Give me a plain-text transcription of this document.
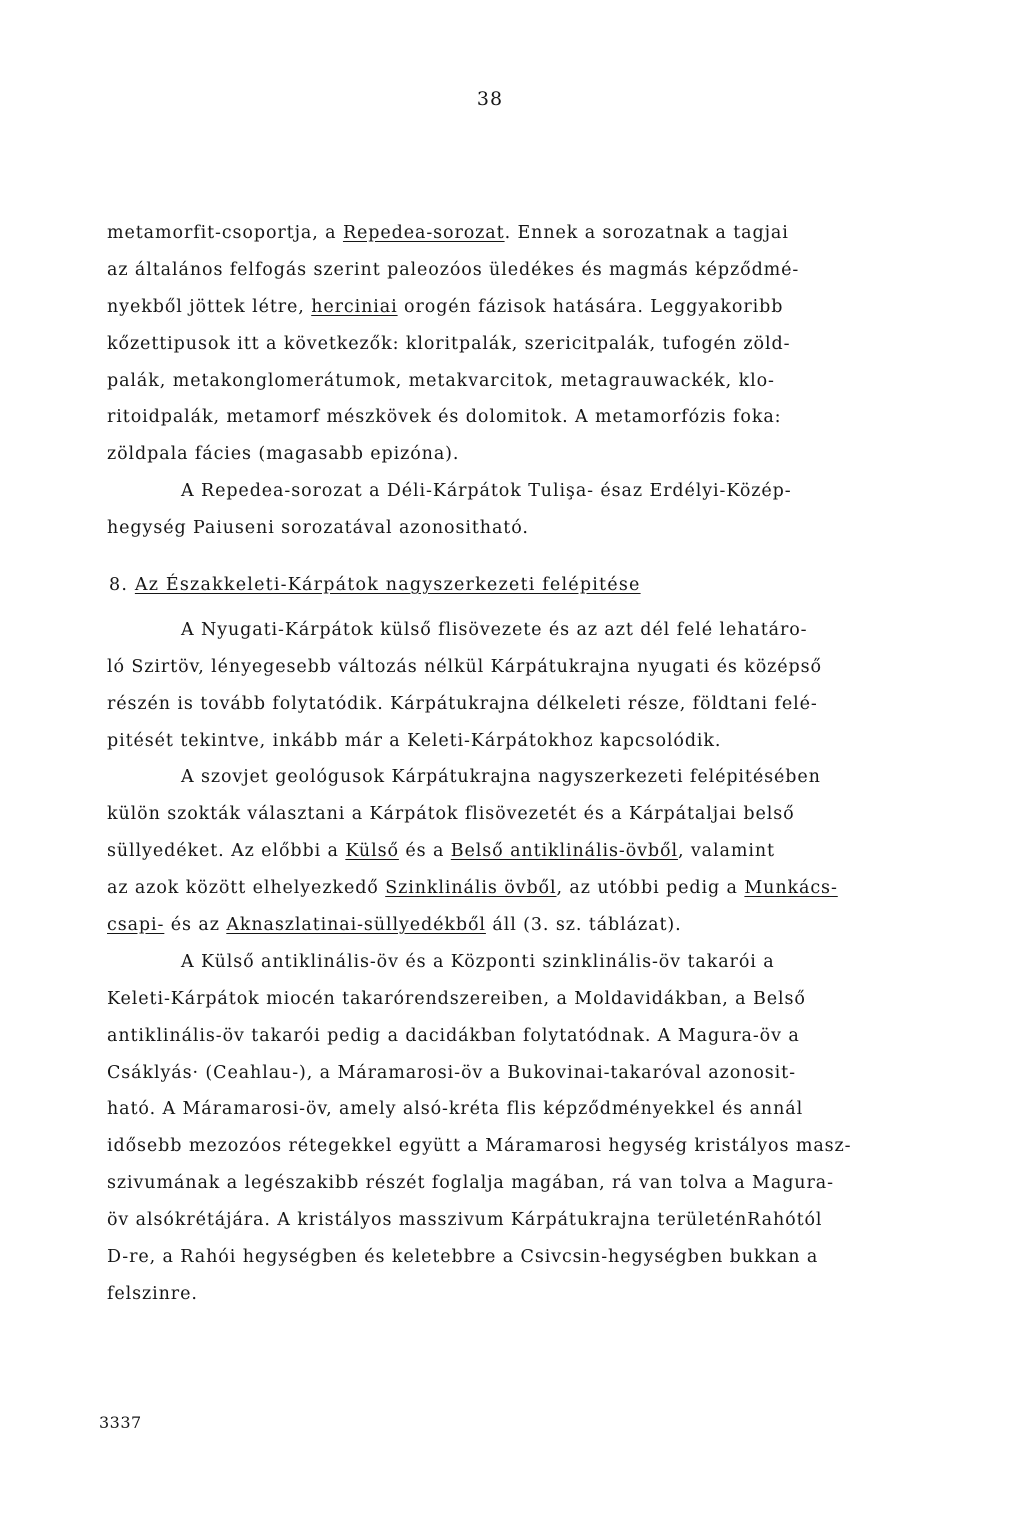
38
metamorfit-csoportja, a Repedea-sorozat. Ennek a sorozatnak a tagjai
az általános felfogás szerint paleozóos üledékes és magmás képződmé-
nyekből jöttek létre, herciniai orogén fázisok hatására. Leggyakoribb
kőzettipusok itt a következők: kloritpalák, szericitpalák, tufogén zöld-
palák, metakonglomerátumok, metakvarcitok, metagrauwackék, klo-
ritoidpalák, metamorf mészkövek és dolomitok. A metamorfózis foka:
zöldpala fácies (magasabb epizóna).
A Repedea-sorozat a Déli-Kárpátok Tulişa- ésaz Erdélyi-Közép-
hegység Paiuseni sorozatával azonositható.
8. Az Északkeleti-Kárpátok nagyszerkezeti felépitése
A Nyugati-Kárpátok külső flisövezete és az azt dél felé lehatáro-
ló Szirtöv, lényegesebb változás nélkül Kárpátukrajna nyugati és középső
részén is tovább folytatódik. Kárpátukrajna délkeleti része, földtani felé-
pitését tekintve, inkább már a Keleti-Kárpátokhoz kapcsolódik.
A szovjet geológusok Kárpátukrajna nagyszerkezeti felépitésében
külön szokták választani a Kárpátok flisövezetét és a Kárpátaljai belső
süllyedéket. Az előbbi a Külső és a Belső antiklinális-övből, valamint
az azok között elhelyezkedő Szinklinális övből, az utóbbi pedig a Munkács-
csapi- és az Aknaszlatinai-süllyedékből áll (3. sz. táblázat).
A Külső antiklinális-öv és a Központi szinklinális-öv takarói a
Keleti-Kárpátok miocén takarórendszereiben, a Moldavidákban, a Belső
antiklinális-öv takarói pedig a dacidákban folytatódnak. A Magura-öv a
Csáklyás· (Ceahlau-), a Máramarosi-öv a Bukovinai-takaróval azonosit-
ható. A Máramarosi-öv, amely alsó-kréta flis képződményekkel és annál
idősebb mezozóos rétegekkel együtt a Máramarosi hegység kristályos masz-
szivumának a legészakibb részét foglalja magában, rá van tolva a Magura-
öv alsókrétájára. A kristályos masszivum Kárpátukrajna területénRahótól
D-re, a Rahói hegységben és keletebbre a Csivcsin-hegységben bukkan a
felszinre.
3337
